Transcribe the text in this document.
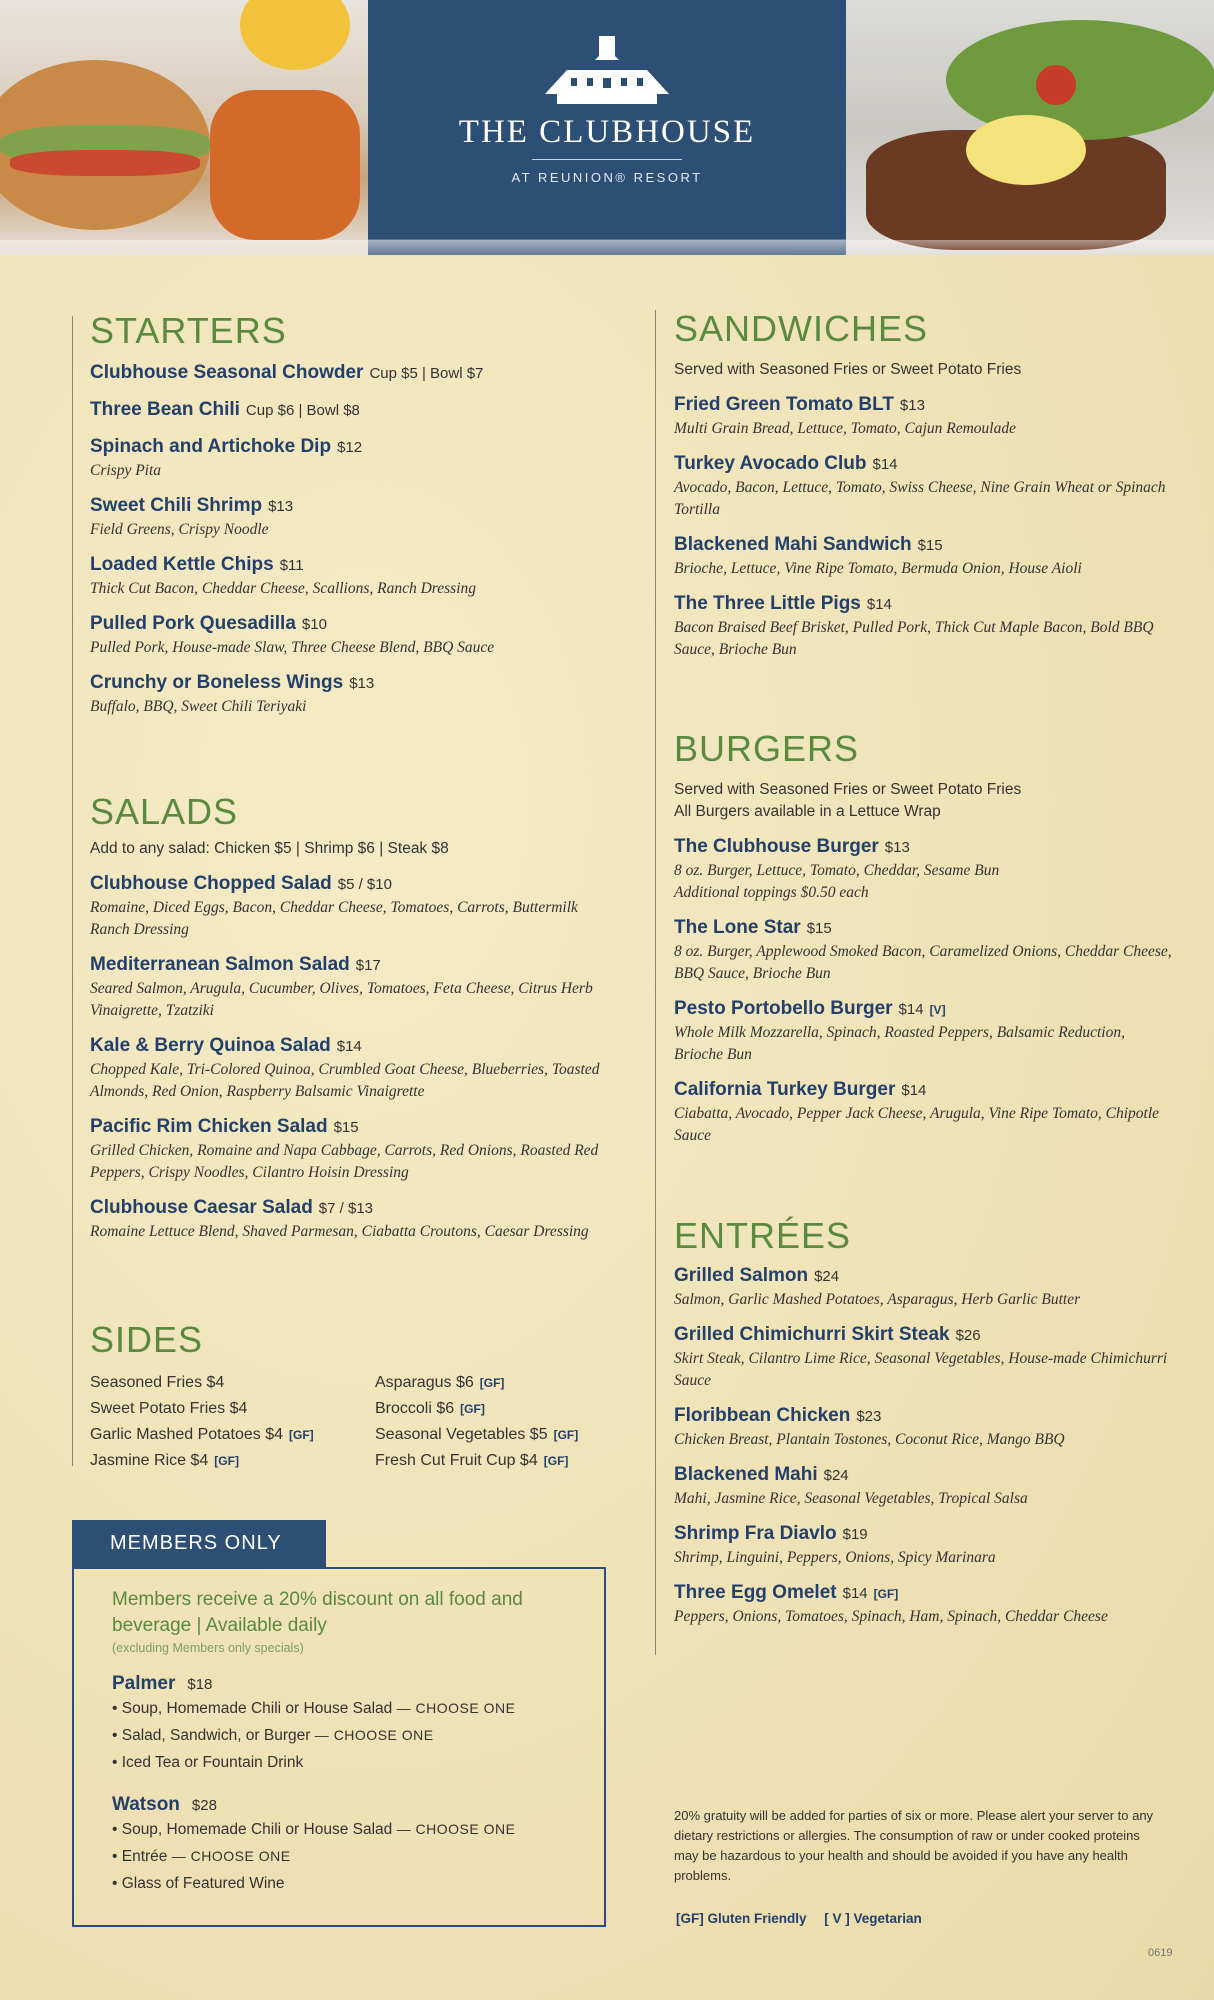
THE CLUBHOUSE
AT REUNION® RESORT
STARTERS
Clubhouse Seasonal Chowder Cup $5 | Bowl $7
Three Bean Chili Cup $6 | Bowl $8
Spinach and Artichoke Dip $12
Crispy Pita
Sweet Chili Shrimp $13
Field Greens, Crispy Noodle
Loaded Kettle Chips $11
Thick Cut Bacon, Cheddar Cheese, Scallions, Ranch Dressing
Pulled Pork Quesadilla $10
Pulled Pork, House-made Slaw, Three Cheese Blend, BBQ Sauce
Crunchy or Boneless Wings $13
Buffalo, BBQ, Sweet Chili Teriyaki
SALADS
Add to any salad: Chicken $5 | Shrimp $6 | Steak $8
Clubhouse Chopped Salad $5 / $10
Romaine, Diced Eggs, Bacon, Cheddar Cheese, Tomatoes, Carrots, Buttermilk Ranch Dressing
Mediterranean Salmon Salad $17
Seared Salmon, Arugula, Cucumber, Olives, Tomatoes, Feta Cheese, Citrus Herb Vinaigrette, Tzatziki
Kale & Berry Quinoa Salad $14
Chopped Kale, Tri-Colored Quinoa, Crumbled Goat Cheese, Blueberries, Toasted Almonds, Red Onion, Raspberry Balsamic Vinaigrette
Pacific Rim Chicken Salad $15
Grilled Chicken, Romaine and Napa Cabbage, Carrots, Red Onions, Roasted Red Peppers, Crispy Noodles, Cilantro Hoisin Dressing
Clubhouse Caesar Salad $7 / $13
Romaine Lettuce Blend, Shaved Parmesan, Ciabatta Croutons, Caesar Dressing
SIDES
Seasoned Fries $4
Sweet Potato Fries $4
Garlic Mashed Potatoes $4 [GF]
Jasmine Rice $4 [GF]
Asparagus $6 [GF]
Broccoli $6 [GF]
Seasonal Vegetables $5 [GF]
Fresh Cut Fruit Cup $4 [GF]
MEMBERS ONLY
Members receive a 20% discount on all food and beverage | Available daily
(excluding Members only specials)
Palmer $18
• Soup, Homemade Chili or House Salad — CHOOSE ONE
• Salad, Sandwich, or Burger — CHOOSE ONE
• Iced Tea or Fountain Drink
Watson $28
• Soup, Homemade Chili or House Salad — CHOOSE ONE
• Entrée — CHOOSE ONE
• Glass of Featured Wine
SANDWICHES
Served with Seasoned Fries or Sweet Potato Fries
Fried Green Tomato BLT $13
Multi Grain Bread, Lettuce, Tomato, Cajun Remoulade
Turkey Avocado Club $14
Avocado, Bacon, Lettuce, Tomato, Swiss Cheese, Nine Grain Wheat or Spinach Tortilla
Blackened Mahi Sandwich $15
Brioche, Lettuce, Vine Ripe Tomato, Bermuda Onion, House Aioli
The Three Little Pigs $14
Bacon Braised Beef Brisket, Pulled Pork, Thick Cut Maple Bacon, Bold BBQ Sauce, Brioche Bun
BURGERS
Served with Seasoned Fries or Sweet Potato Fries
All Burgers available in a Lettuce Wrap
The Clubhouse Burger $13
8 oz. Burger, Lettuce, Tomato, Cheddar, Sesame Bun
Additional toppings $0.50 each
The Lone Star $15
8 oz. Burger, Applewood Smoked Bacon, Caramelized Onions, Cheddar Cheese, BBQ Sauce, Brioche Bun
Pesto Portobello Burger $14 [V]
Whole Milk Mozzarella, Spinach, Roasted Peppers, Balsamic Reduction, Brioche Bun
California Turkey Burger $14
Ciabatta, Avocado, Pepper Jack Cheese, Arugula, Vine Ripe Tomato, Chipotle Sauce
ENTRÉES
Grilled Salmon $24
Salmon, Garlic Mashed Potatoes, Asparagus, Herb Garlic Butter
Grilled Chimichurri Skirt Steak $26
Skirt Steak, Cilantro Lime Rice, Seasonal Vegetables, House-made Chimichurri Sauce
Floribbean Chicken $23
Chicken Breast, Plantain Tostones, Coconut Rice, Mango BBQ
Blackened Mahi $24
Mahi, Jasmine Rice, Seasonal Vegetables, Tropical Salsa
Shrimp Fra Diavlo $19
Shrimp, Linguini, Peppers, Onions, Spicy Marinara
Three Egg Omelet $14 [GF]
Peppers, Onions, Tomatoes, Spinach, Ham, Spinach, Cheddar Cheese
20% gratuity will be added for parties of six or more. Please alert your server to any dietary restrictions or allergies. The consumption of raw or under cooked proteins may be hazardous to your health and should be avoided if you have any health problems.
[GF] Gluten Friendly [ V ] Vegetarian
0619
